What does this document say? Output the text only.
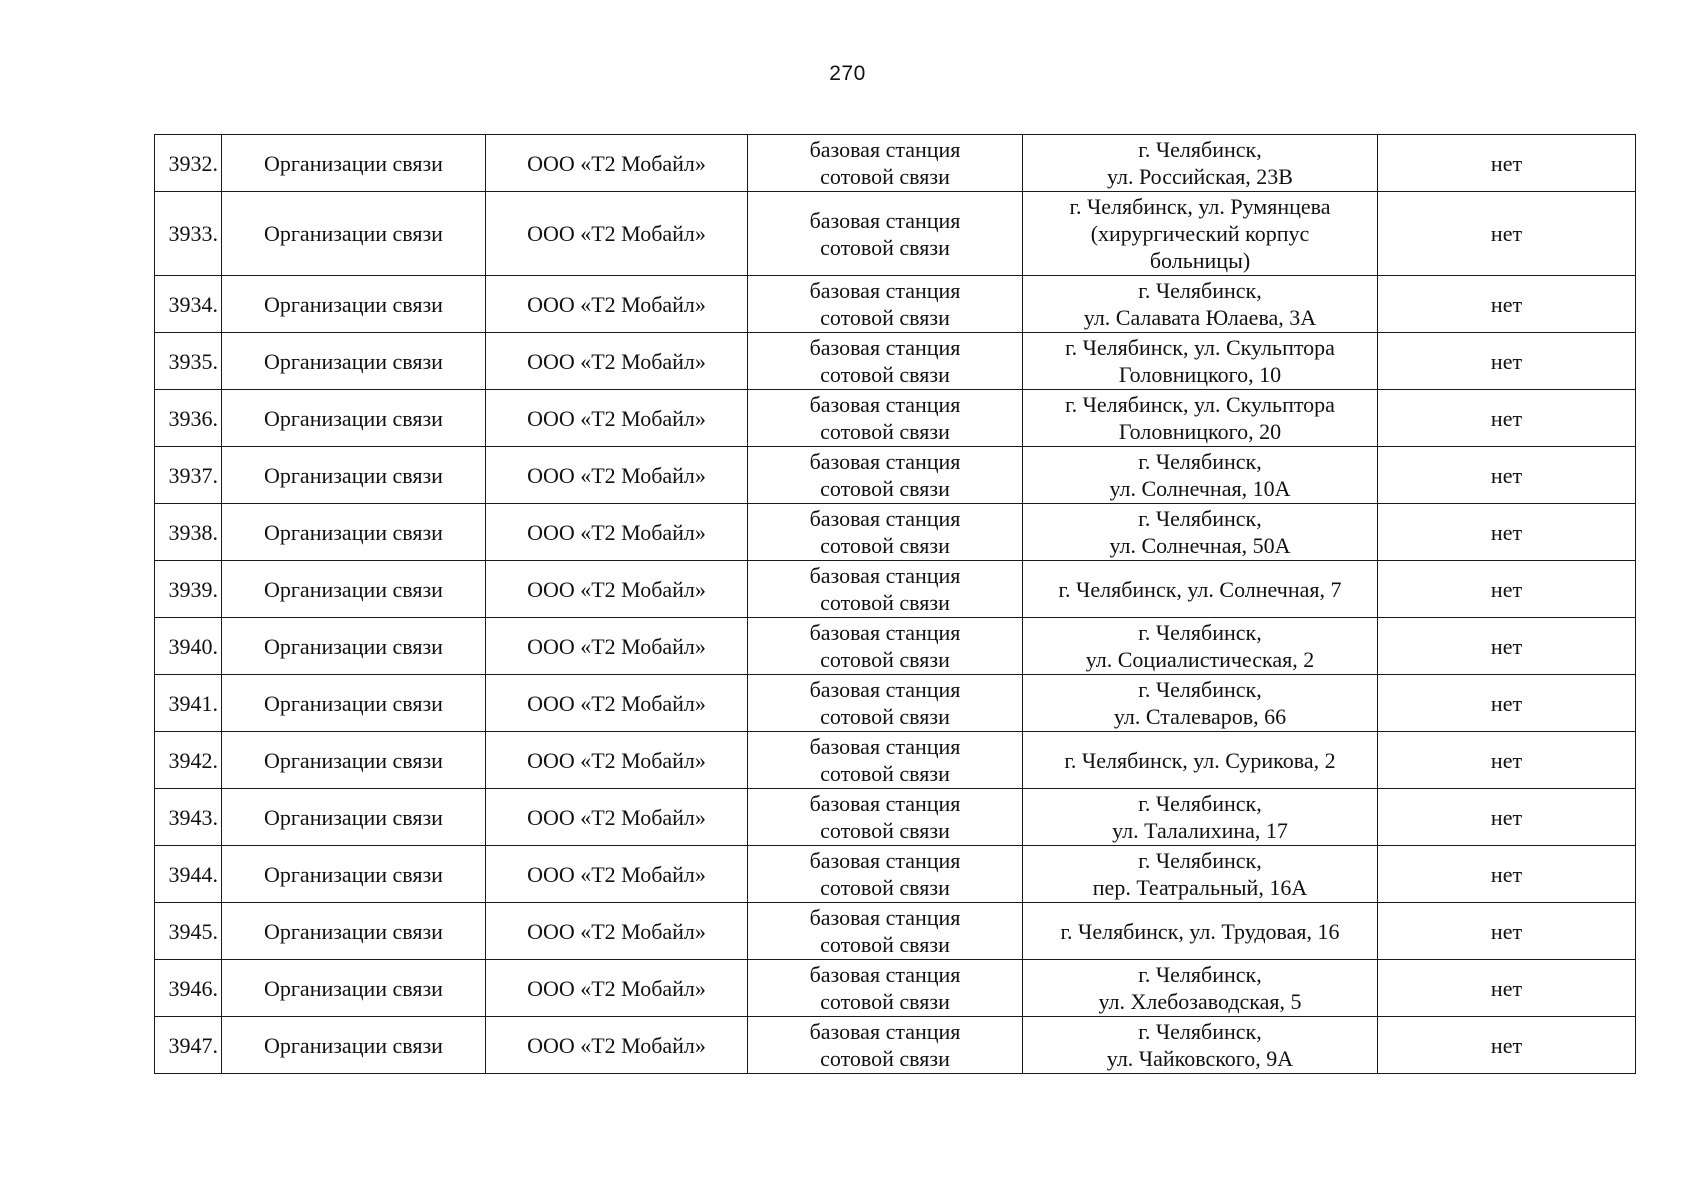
270
3932.	Организации связи	ООО «Т2 Мобайл»	базовая станция
сотовой связи	г. Челябинск,
ул. Российская, 23В	нет
3933.	Организации связи	ООО «Т2 Мобайл»	базовая станция
сотовой связи	г. Челябинск, ул. Румянцева
(хирургический корпус
больницы)	нет
3934.	Организации связи	ООО «Т2 Мобайл»	базовая станция
сотовой связи	г. Челябинск,
ул. Салавата Юлаева, 3А	нет
3935.	Организации связи	ООО «Т2 Мобайл»	базовая станция
сотовой связи	г. Челябинск, ул. Скульптора
Головницкого, 10	нет
3936.	Организации связи	ООО «Т2 Мобайл»	базовая станция
сотовой связи	г. Челябинск, ул. Скульптора
Головницкого, 20	нет
3937.	Организации связи	ООО «Т2 Мобайл»	базовая станция
сотовой связи	г. Челябинск,
ул. Солнечная, 10А	нет
3938.	Организации связи	ООО «Т2 Мобайл»	базовая станция
сотовой связи	г. Челябинск,
ул. Солнечная, 50А	нет
3939.	Организации связи	ООО «Т2 Мобайл»	базовая станция
сотовой связи	г. Челябинск, ул. Солнечная, 7	нет
3940.	Организации связи	ООО «Т2 Мобайл»	базовая станция
сотовой связи	г. Челябинск,
ул. Социалистическая, 2	нет
3941.	Организации связи	ООО «Т2 Мобайл»	базовая станция
сотовой связи	г. Челябинск,
ул. Сталеваров, 66	нет
3942.	Организации связи	ООО «Т2 Мобайл»	базовая станция
сотовой связи	г. Челябинск, ул. Сурикова, 2	нет
3943.	Организации связи	ООО «Т2 Мобайл»	базовая станция
сотовой связи	г. Челябинск,
ул. Талалихина, 17	нет
3944.	Организации связи	ООО «Т2 Мобайл»	базовая станция
сотовой связи	г. Челябинск,
пер. Театральный, 16А	нет
3945.	Организации связи	ООО «Т2 Мобайл»	базовая станция
сотовой связи	г. Челябинск, ул. Трудовая, 16	нет
3946.	Организации связи	ООО «Т2 Мобайл»	базовая станция
сотовой связи	г. Челябинск,
ул. Хлебозаводская, 5	нет
3947.	Организации связи	ООО «Т2 Мобайл»	базовая станция
сотовой связи	г. Челябинск,
ул. Чайковского, 9А	нет
